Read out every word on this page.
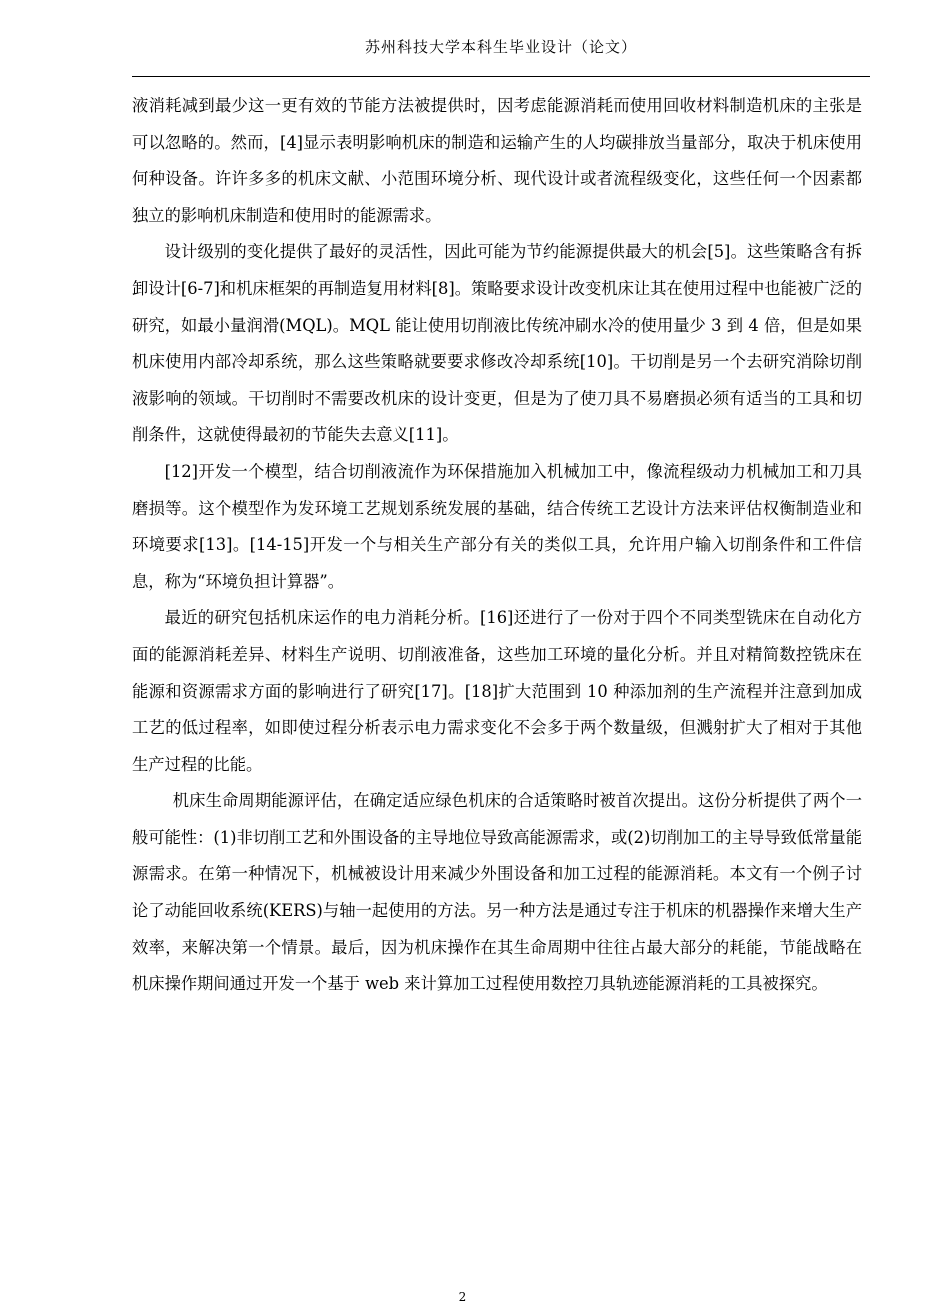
苏州科技大学本科生毕业设计（论文）

液消耗减到最少这一更有效的节能方法被提供时，因考虑能源消耗而使用回收材料制造机床的主张是可以忽略的。然而，[4]显示表明影响机床的制造和运输产生的人均碳排放当量部分，取决于机床使用何种设备。许许多多的机床文献、小范围环境分析、现代设计或者流程级变化，这些任何一个因素都独立的影响机床制造和使用时的能源需求。

设计级别的变化提供了最好的灵活性，因此可能为节约能源提供最大的机会[5]。这些策略含有拆卸设计[6-7]和机床框架的再制造复用材料[8]。策略要求设计改变机床让其在使用过程中也能被广泛的研究，如最小量润滑(MQL)。MQL 能让使用切削液比传统冲刷水冷的使用量少 3 到 4 倍，但是如果机床使用内部冷却系统，那么这些策略就要要求修改冷却系统[10]。干切削是另一个去研究消除切削液影响的领域。干切削时不需要改机床的设计变更，但是为了使刀具不易磨损必须有适当的工具和切削条件，这就使得最初的节能失去意义[11]。

[12]开发一个模型，结合切削液流作为环保措施加入机械加工中，像流程级动力机械加工和刀具磨损等。这个模型作为发环境工艺规划系统发展的基础，结合传统工艺设计方法来评估权衡制造业和环境要求[13]。[14-15]开发一个与相关生产部分有关的类似工具，允许用户输入切削条件和工件信息，称为“环境负担计算器”。

最近的研究包括机床运作的电力消耗分析。[16]还进行了一份对于四个不同类型铣床在自动化方面的能源消耗差异、材料生产说明、切削液准备，这些加工环境的量化分析。并且对精简数控铣床在能源和资源需求方面的影响进行了研究[17]。[18]扩大范围到 10 种添加剂的生产流程并注意到加成工艺的低过程率，如即使过程分析表示电力需求变化不会多于两个数量级，但溅射扩大了相对于其他生产过程的比能。

机床生命周期能源评估，在确定适应绿色机床的合适策略时被首次提出。这份分析提供了两个一般可能性：(1)非切削工艺和外围设备的主导地位导致高能源需求，或(2)切削加工的主导导致低常量能源需求。在第一种情况下，机械被设计用来减少外围设备和加工过程的能源消耗。本文有一个例子讨论了动能回收系统(KERS)与轴一起使用的方法。另一种方法是通过专注于机床的机器操作来增大生产效率，来解决第一个情景。最后，因为机床操作在其生命周期中往往占最大部分的耗能，节能战略在机床操作期间通过开发一个基于 web 来计算加工过程使用数控刀具轨迹能源消耗的工具被探究。

2
